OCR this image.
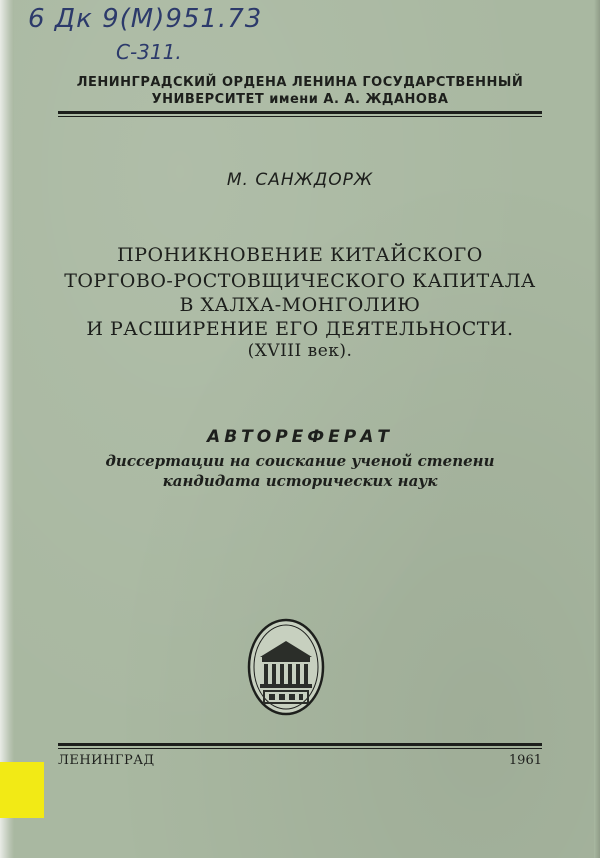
6 Дк 9(М)951.73
С-311.
ЛЕНИНГРАДСКИЙ ОРДЕНА ЛЕНИНА ГОСУДАРСТВЕННЫЙ
УНИВЕРСИТЕТ имени А. А. ЖДАНОВА
М. САНЖДОРЖ
ПРОНИКНОВЕНИЕ КИТАЙСКОГО
ТОРГОВО-РОСТОВЩИЧЕСКОГО КАПИТАЛА
В ХАЛХА-МОНГОЛИЮ
И РАСШИРЕНИЕ ЕГО ДЕЯТЕЛЬНОСТИ.
(XVIII век).
АВТОРЕФЕРАТ
диссертации на соискание ученой степени
кандидата исторических наук
ЛЕНИНГРАД	1961
